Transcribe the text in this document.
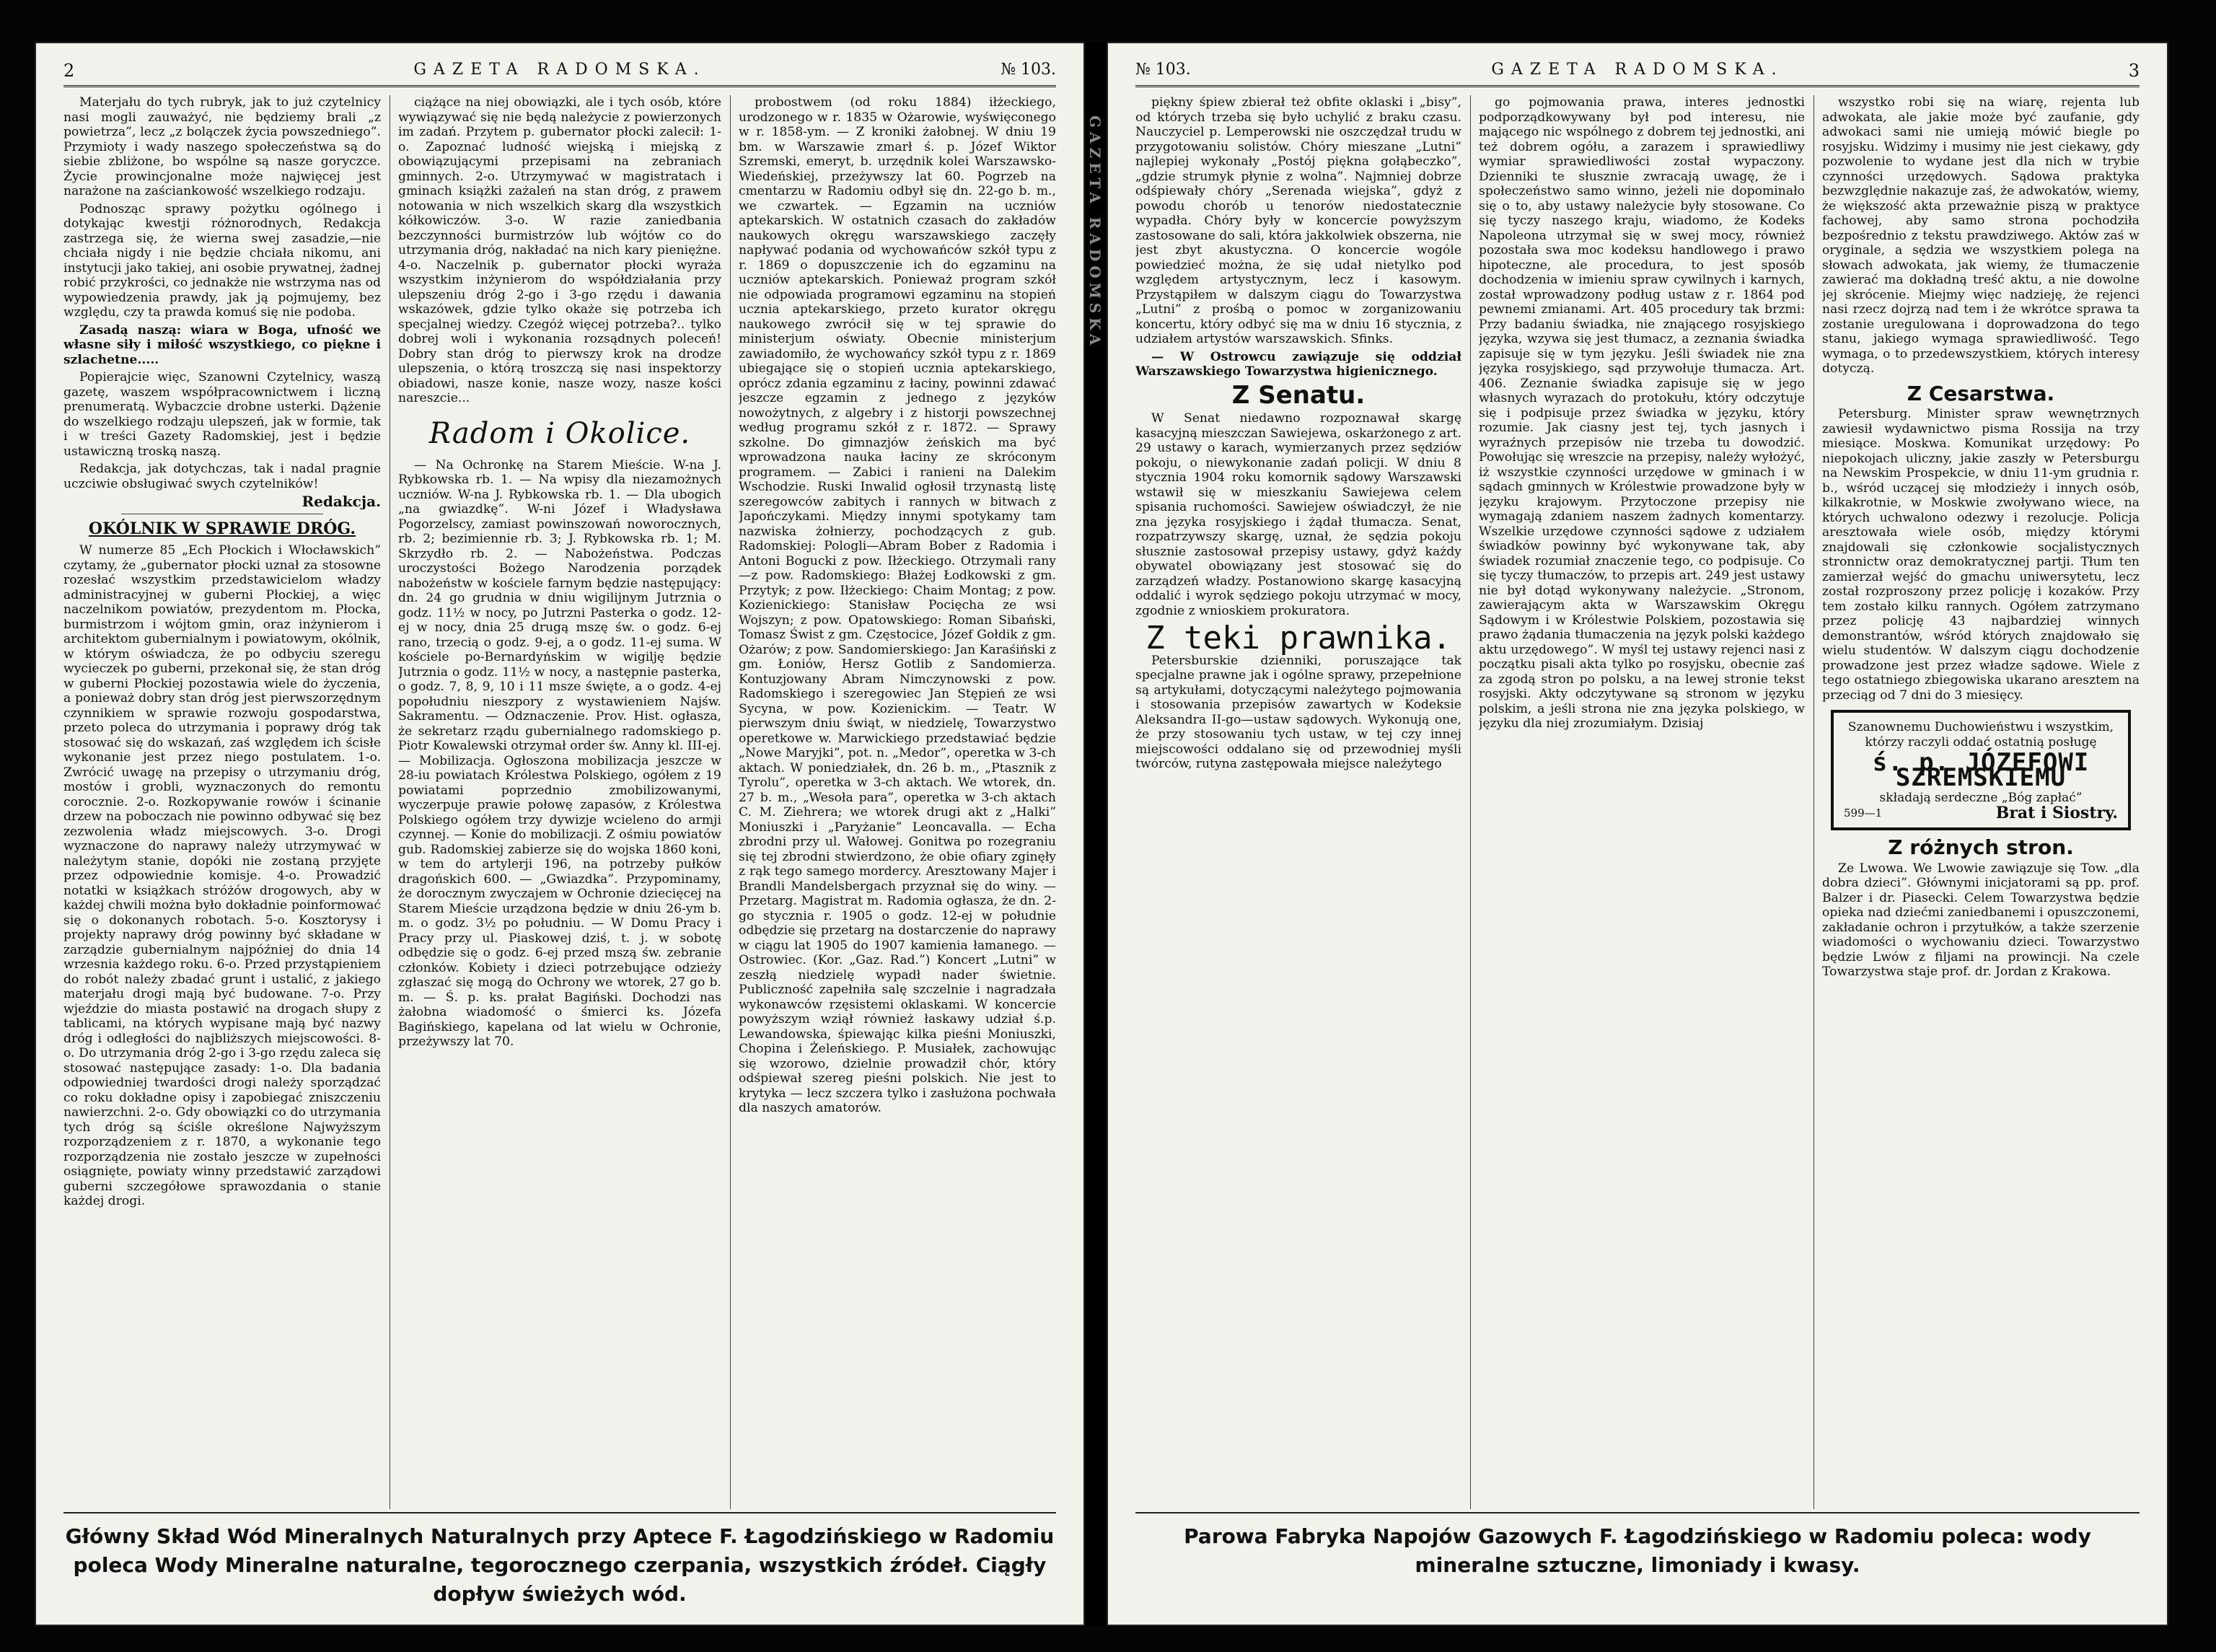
GAZETA RADOMSKA
2	GAZETA RADOMSKA.	№ 103.

Materjału do tych rubryk, jak to już czytelnicy nasi mogli zauważyć, nie będziemy brali „z powietrza”, lecz „z bolączek życia powszedniego”. Przymioty i wady naszego społeczeństwa są do siebie zbliżone, bo wspólne są nasze goryczce. Życie prowincjonalne może najwięcej jest narażone na zaściankowość wszelkiego rodzaju.

Podnosząc sprawy pożytku ogólnego i dotykając kwestji różnorodnych, Redakcja zastrzega się, że wierna swej zasadzie,—nie chciała nigdy i nie będzie chciała nikomu, ani instytucji jako takiej, ani osobie prywatnej, żadnej robić przykrości, co jednakże nie wstrzyma nas od wypowiedzenia prawdy, jak ją pojmujemy, bez względu, czy ta prawda komuś się nie podoba.

Zasadą naszą: wiara w Boga, ufność we własne siły i miłość wszystkiego, co piękne i szlachetne.....

Popierajcie więc, Szanowni Czytelnicy, waszą gazetę, waszem współpracownictwem i liczną prenumeratą. Wybaczcie drobne usterki. Dążenie do wszelkiego rodzaju ulepszeń, jak w formie, tak i w treści Gazety Radomskiej, jest i będzie ustawiczną troską naszą.

Redakcja, jak dotychczas, tak i nadal pragnie uczciwie obsługiwać swych czytelników!

Redakcja.
OKÓLNIK W SPRAWIE DRÓG.

W numerze 85 „Ech Płockich i Włocławskich” czytamy, że „gubernator płocki uznał za stosowne rozesłać wszystkim przedstawicielom władzy administracyjnej w guberni Płockiej, a więc naczelnikom powiatów, prezydentom m. Płocka, burmistrzom i wójtom gmin, oraz inżynierom i architektom gubernialnym i powiatowym, okólnik, w którym oświadcza, że po odbyciu szeregu wycieczek po guberni, przekonał się, że stan dróg w guberni Płockiej pozostawia wiele do życzenia, a ponieważ dobry stan dróg jest pierwszorzędnym czynnikiem w sprawie rozwoju gospodarstwa, przeto poleca do utrzymania i poprawy dróg tak stosować się do wskazań, zaś względem ich ścisłe wykonanie jest przez niego postulatem. 1-o. Zwrócić uwagę na przepisy o utrzymaniu dróg, mostów i grobli, wyznaczonych do remontu corocznie. 2-o. Rozkopywanie rowów i ścinanie drzew na poboczach nie powinno odbywać się bez zezwolenia władz miejscowych. 3-o. Drogi wyznaczone do naprawy należy utrzymywać w należytym stanie, dopóki nie zostaną przyjęte przez odpowiednie komisje. 4-o. Prowadzić notatki w książkach stróżów drogowych, aby w każdej chwili można było dokładnie poinformować się o dokonanych robotach. 5-o. Kosztorysy i projekty naprawy dróg powinny być składane w zarządzie gubernialnym najpóźniej do dnia 14 wrzesnia każdego roku. 6-o. Przed przystąpieniem do robót należy zbadać grunt i ustalić, z jakiego materjału drogi mają być budowane. 7-o. Przy wjeździe do miasta postawić na drogach słupy z tablicami, na których wypisane mają być nazwy dróg i odległości do najbliższych miejscowości. 8-o. Do utrzymania dróg 2-go i 3-go rzędu zaleca się stosować następujące zasady: 1-o. Dla badania odpowiedniej twardości drogi należy sporządzać co roku dokładne opisy i zapobiegać zniszczeniu nawierzchni. 2-o. Gdy obowiązki co do utrzymania tych dróg są ściśle określone Najwyższym rozporządzeniem z r. 1870, a wykonanie tego rozporządzenia nie zostało jeszcze w zupełności osiągnięte, powiaty winny przedstawić zarządowi guberni szczegółowe sprawozdania o stanie każdej drogi.

ciążące na niej obowiązki, ale i tych osób, które wywiązywać się nie będą należycie z powierzonych im zadań. Przytem p. gubernator płocki zalecił: 1-o. Zapoznać ludność wiejską i miejską z obowiązującymi przepisami na zebraniach gminnych. 2-o. Utrzymywać w magistratach i gminach książki zażaleń na stan dróg, z prawem notowania w nich wszelkich skarg dla wszystkich kółkowiczów. 3-o. W razie zaniedbania bezczynności burmistrzów lub wójtów co do utrzymania dróg, nakładać na nich kary pieniężne. 4-o. Naczelnik p. gubernator płocki wyraża wszystkim inżynierom do współdziałania przy ulepszeniu dróg 2-go i 3-go rzędu i dawania wskazówek, gdzie tylko okaże się potrzeba ich specjalnej wiedzy. Czegóż więcej potrzeba?.. tylko dobrej woli i wykonania rozsądnych poleceń! Dobry stan dróg to pierwszy krok na drodze ulepszenia, o którą troszczą się nasi inspektorzy obiadowi, nasze konie, nasze wozy, nasze kości nareszcie...

Radom i Okolice.

— Na Ochronkę na Starem Mieście. W-na J. Rybkowska rb. 1. — Na wpisy dla niezamożnych uczniów. W-na J. Rybkowska rb. 1. — Dla ubogich „na gwiazdkę”. W-ni Józef i Władysława Pogorzelscy, zamiast powinszowań noworocznych, rb. 2; bezimiennie rb. 3; J. Rybkowska rb. 1; M. Skrzydło rb. 2. — Nabożeństwa. Podczas uroczystości Bożego Narodzenia porządek nabożeństw w kościele farnym będzie następujący: dn. 24 go grudnia w dniu wigilijnym Jutrznia o godz. 11½ w nocy, po Jutrzni Pasterka o godz. 12-ej w nocy, dnia 25 drugą mszę św. o godz. 6-ej rano, trzecią o godz. 9-ej, a o godz. 11-ej suma. W kościele po-Bernardyńskim w wigilję będzie Jutrznia o godz. 11½ w nocy, a następnie pasterka, o godz. 7, 8, 9, 10 i 11 msze święte, a o godz. 4-ej popołudniu nieszpory z wystawieniem Najśw. Sakramentu. — Odznaczenie. Prov. Hist. ogłasza, że sekretarz rządu gubernialnego radomskiego p. Piotr Kowalewski otrzymał order św. Anny kl. III-ej. — Mobilizacja. Ogłoszona mobilizacja jeszcze w 28-iu powiatach Królestwa Polskiego, ogółem z 19 powiatami poprzednio zmobilizowanymi, wyczerpuje prawie połowę zapasów, z Królestwa Polskiego ogółem trzy dywizje wcieleno do armji czynnej. — Konie do mobilizacji. Z ośmiu powiatów gub. Radomskiej zabierze się do wojska 1860 koni, w tem do artylerji 196, na potrzeby pułków dragońskich 600. — „Gwiazdka”. Przypominamy, że dorocznym zwyczajem w Ochronie dziecięcej na Starem Mieście urządzona będzie w dniu 26-ym b. m. o godz. 3½ po południu. — W Domu Pracy i Pracy przy ul. Piaskowej dziś, t. j. w sobotę odbędzie się o godz. 6-ej przed mszą św. zebranie członków. Kobiety i dzieci potrzebujące odzieży zgłaszać się mogą do Ochrony we wtorek, 27 go b. m. — Ś. p. ks. prałat Bagiński. Dochodzi nas żałobna wiadomość o śmierci ks. Józefa Bagińskiego, kapelana od lat wielu w Ochronie, przeżywszy lat 70.

probostwem (od roku 1884) iłżeckiego, urodzonego w r. 1835 w Ożarowie, wyświęconego w r. 1858-ym. — Z kroniki żałobnej. W dniu 19 bm. w Warszawie zmarł ś. p. Józef Wiktor Szremski, emeryt, b. urzędnik kolei Warszawsko-Wiedeńskiej, przeżywszy lat 60. Pogrzeb na cmentarzu w Radomiu odbył się dn. 22-go b. m., we czwartek. — Egzamin na uczniów aptekarskich. W ostatnich czasach do zakładów naukowych okręgu warszawskiego zaczęły napływać podania od wychowańców szkół typu z r. 1869 o dopuszczenie ich do egzaminu na uczniów aptekarskich. Ponieważ program szkół nie odpowiada programowi egzaminu na stopień ucznia aptekarskiego, przeto kurator okręgu naukowego zwrócił się w tej sprawie do ministerjum oświaty. Obecnie ministerjum zawiadomiło, że wychowańcy szkół typu z r. 1869 ubiegające się o stopień ucznia aptekarskiego, oprócz zdania egzaminu z łaciny, powinni zdawać jeszcze egzamin z jednego z języków nowożytnych, z algebry i z historji powszechnej według programu szkół z r. 1872. — Sprawy szkolne. Do gimnazjów żeńskich ma być wprowadzona nauka łaciny ze skróconym programem. — Zabici i ranieni na Dalekim Wschodzie. Ruski Inwalid ogłosił trzynastą listę szeregowców zabitych i rannych w bitwach z Japończykami. Między innymi spotykamy tam nazwiska żołnierzy, pochodzących z gub. Radomskiej: Pologli—Abram Bober z Radomia i Antoni Bogucki z pow. Iłżeckiego. Otrzymali rany—z pow. Radomskiego: Błażej Łodkowski z gm. Przytyk; z pow. Iłżeckiego: Chaim Montag; z pow. Kozienickiego: Stanisław Pocięcha ze wsi Wojszyn; z pow. Opatowskiego: Roman Sibański, Tomasz Świst z gm. Częstocice, Józef Gołdik z gm. Ożarów; z pow. Sandomierskiego: Jan Karaśiński z gm. Łoniów, Hersz Gotlib z Sandomierza. Kontuzjowany Abram Nimczynowski z pow. Radomskiego i szeregowiec Jan Stępień ze wsi Sycyna, w pow. Kozienickim. — Teatr. W pierwszym dniu świąt, w niedzielę, Towarzystwo operetkowe w. Marwickiego przedstawiać będzie „Nowe Maryjki”, pot. n. „Medor”, operetka w 3-ch aktach. W poniedziałek, dn. 26 b. m., „Ptasznik z Tyrolu”, operetka w 3-ch aktach. We wtorek, dn. 27 b. m., „Wesoła para”, operetka w 3-ch aktach C. M. Ziehrera; we wtorek drugi akt z „Halki” Moniuszki i „Paryżanie” Leoncavalla. — Echa zbrodni przy ul. Wałowej. Gonitwa po rozegraniu się tej zbrodni stwierdzono, że obie ofiary zginęły z rąk tego samego mordercy. Aresztowany Majer i Brandli Mandelsbergach przyznał się do winy. — Przetarg. Magistrat m. Radomia ogłasza, że dn. 2-go stycznia r. 1905 o godz. 12-ej w południe odbędzie się przetarg na dostarczenie do naprawy w ciągu lat 1905 do 1907 kamienia łamanego. — Ostrowiec. (Kor. „Gaz. Rad.”) Koncert „Lutni” w zeszłą niedzielę wypadł nader świetnie. Publiczność zapełniła salę szczelnie i nagradzała wykonawców rzęsistemi oklaskami. W koncercie powyższym wziął również łaskawy udział ś.p. Lewandowska, śpiewając kilka pieśni Moniuszki, Chopina i Żeleńskiego. P. Musiałek, zachowując się wzorowo, dzielnie prowadził chór, który odśpiewał szereg pieśni polskich. Nie jest to krytyka — lecz szczera tylko i zasłużona pochwała dla naszych amatorów.

Główny Skład Wód Mineralnych Naturalnych przy Aptece F. Łagodzińskiego w Radomiu poleca Wody Mineralne naturalne, tegorocznego czerpania, wszystkich źródeł. Ciągły dopływ świeżych wód.
№ 103.	GAZETA RADOMSKA.	3

piękny śpiew zbierał też obfite oklaski i „bisy”, od których trzeba się było uchylić z braku czasu. Nauczyciel p. Lemperowski nie oszczędzał trudu w przygotowaniu solistów. Chóry mieszane „Lutni” najlepiej wykonały „Postój piękna gołąbeczko”, „gdzie strumyk płynie z wolna”. Najmniej dobrze odśpiewały chóry „Serenada wiejska”, gdyż z powodu chorób u tenorów niedostatecznie wypadła. Chóry były w koncercie powyższym zastosowane do sali, która jakkolwiek obszerna, nie jest zbyt akustyczna. O koncercie wogóle powiedzieć można, że się udał nietylko pod względem artystycznym, lecz i kasowym. Przystąpiłem w dalszym ciągu do Towarzystwa „Lutni” z prośbą o pomoc w zorganizowaniu koncertu, który odbyć się ma w dniu 16 stycznia, z udziałem artystów warszawskich. Sfinks.

— W Ostrowcu zawiązuje się oddział Warszawskiego Towarzystwa higienicznego.

Z Senatu.

W Senat niedawno rozpoznawał skargę kasacyjną mieszczan Sawiejewa, oskarżonego z art. 29 ustawy o karach, wymierzanych przez sędziów pokoju, o niewykonanie zadań policji. W dniu 8 stycznia 1904 roku komornik sądowy Warszawski wstawił się w mieszkaniu Sawiejewa celem spisania ruchomości. Sawiejew oświadczył, że nie zna języka rosyjskiego i żądał tłumacza. Senat, rozpatrzywszy skargę, uznał, że sędzia pokoju słusznie zastosował przepisy ustawy, gdyż każdy obywatel obowiązany jest stosować się do zarządzeń władzy. Postanowiono skargę kasacyjną oddalić i wyrok sędziego pokoju utrzymać w mocy, zgodnie z wnioskiem prokuratora.

Z teki prawnika.

Petersburskie dzienniki, poruszające tak specjalne prawne jak i ogólne sprawy, przepełnione są artykułami, dotyczącymi należytego pojmowania i stosowania przepisów zawartych w Kodeksie Aleksandra II-go—ustaw sądowych. Wykonują one, że przy stosowaniu tych ustaw, w tej czy innej miejscowości oddalano się od przewodniej myśli twórców, rutyna zastępowała miejsce naleźytego

go pojmowania prawa, interes jednostki podporządkowywany był pod interesu, nie mającego nic wspólnego z dobrem tej jednostki, ani też dobrem ogółu, a zarazem i sprawiedliwy wymiar sprawiedliwości został wypaczony. Dzienniki te słusznie zwracają uwagę, że i społeczeństwo samo winno, jeżeli nie dopominało się o to, aby ustawy należycie były stosowane. Co się tyczy naszego kraju, wiadomo, że Kodeks Napoleona utrzymał się w swej mocy, również pozostała swa moc kodeksu handlowego i prawo hipoteczne, ale procedura, to jest sposób dochodzenia w imieniu spraw cywilnych i karnych, został wprowadzony podług ustaw z r. 1864 pod pewnemi zmianami. Art. 405 procedury tak brzmi: Przy badaniu świadka, nie znającego rosyjskiego języka, wzywa się jest tłumacz, a zeznania świadka zapisuje się w tym języku. Jeśli świadek nie zna języka rosyjskiego, sąd przywołuje tłumacza. Art. 406. Zeznanie świadka zapisuje się w jego własnych wyrazach do protokułu, który odczytuje się i podpisuje przez świadka w języku, który rozumie. Jak ciasny jest tej, tych jasnych i wyraźnych przepisów nie trzeba tu dowodzić. Powołując się wreszcie na przepisy, należy wyłożyć, iż wszystkie czynności urzędowe w gminach i w sądach gminnych w Królestwie prowadzone były w języku krajowym. Przytoczone przepisy nie wymagają zdaniem naszem żadnych komentarzy. Wszelkie urzędowe czynności sądowe z udziałem świadków powinny być wykonywane tak, aby świadek rozumiał znaczenie tego, co podpisuje. Co się tyczy tłumaczów, to przepis art. 249 jest ustawy nie był dotąd wykonywany należycie. „Stronom, zawierającym akta w Warszawskim Okręgu Sądowym i w Królestwie Polskiem, pozostawia się prawo żądania tłumaczenia na język polski każdego aktu urzędowego”. W myśl tej ustawy rejenci nasi z początku pisali akta tylko po rosyjsku, obecnie zaś za zgodą stron po polsku, a na lewej stronie tekst rosyjski. Akty odczytywane są stronom w języku polskim, a jeśli strona nie zna języka polskiego, w języku dla niej zrozumiałym. Dzisiaj

wszystko robi się na wiarę, rejenta lub adwokata, ale jakie może być zaufanie, gdy adwokaci sami nie umieją mówić biegle po rosyjsku. Widzimy i musimy nie jest ciekawy, gdy pozwolenie to wydane jest dla nich w trybie czynności urzędowych. Sądowa praktyka bezwzględnie nakazuje zaś, że adwokatów, wiemy, że większość akta przeważnie piszą w praktyce fachowej, aby samo strona pochodziła bezpośrednio z tekstu prawdziwego. Aktów zaś w oryginale, a sędzia we wszystkiem polega na słowach adwokata, jak wiemy, że tłumaczenie zawierać ma dokładną treść aktu, a nie dowolne jej skrócenie. Miejmy więc nadzieję, że rejenci nasi rzecz dojrzą nad tem i że wkrótce sprawa ta zostanie uregulowana i doprowadzona do tego stanu, jakiego wymaga sprawiedliwość. Tego wymaga, o to przedewszystkiem, których interesy dotyczą.

Z Cesarstwa.

Petersburg. Minister spraw wewnętrznych zawiesił wydawnictwo pisma Rossija na trzy miesiące. Moskwa. Komunikat urzędowy: Po niepokojach uliczny, jakie zaszły w Petersburgu na Newskim Prospekcie, w dniu 11-ym grudnia r. b., wśród uczącej się młodzieży i innych osób, kilkakrotnie, w Moskwie zwoływano wiece, na których uchwalono odezwy i rezolucje. Policja aresztowała wiele osób, między którymi znajdowali się członkowie socjalistycznych stronnictw oraz demokratycznej partji. Tłum ten zamierzał wejść do gmachu uniwersytetu, lecz został rozproszony przez policję i kozaków. Przy tem zostało kilku rannych. Ogółem zatrzymano przez policję 43 najbardziej winnych demonstrantów, wśród których znajdowało się wielu studentów. W dalszym ciągu dochodzenie prowadzone jest przez władze sądowe. Wiele z tego ostatniego zbiegowiska ukarano aresztem na przeciąg od 7 dni do 3 miesięcy.

Szanownemu Duchowieństwu i wszystkim, którzy raczyli oddać ostatnią posługę
ś. p. JÓZEFOWI SZREMSKIEMU
składają serdeczne „Bóg zapłać”
599—1	Brat i Siostry.
Z różnych stron.

Ze Lwowa. We Lwowie zawiązuje się Tow. „dla dobra dzieci”. Głównymi inicjatorami są pp. prof. Balzer i dr. Piasecki. Celem Towarzystwa będzie opieka nad dziećmi zaniedbanemi i opuszczonemi, zakładanie ochron i przytułków, a także szerzenie wiadomości o wychowaniu dzieci. Towarzystwo będzie Lwów z filjami na prowincji. Na czele Towarzystwa staje prof. dr. Jordan z Krakowa.

Parowa Fabryka Napojów Gazowych F. Łagodzińskiego w Radomiu poleca: wody mineralne sztuczne, limoniady i kwasy.
